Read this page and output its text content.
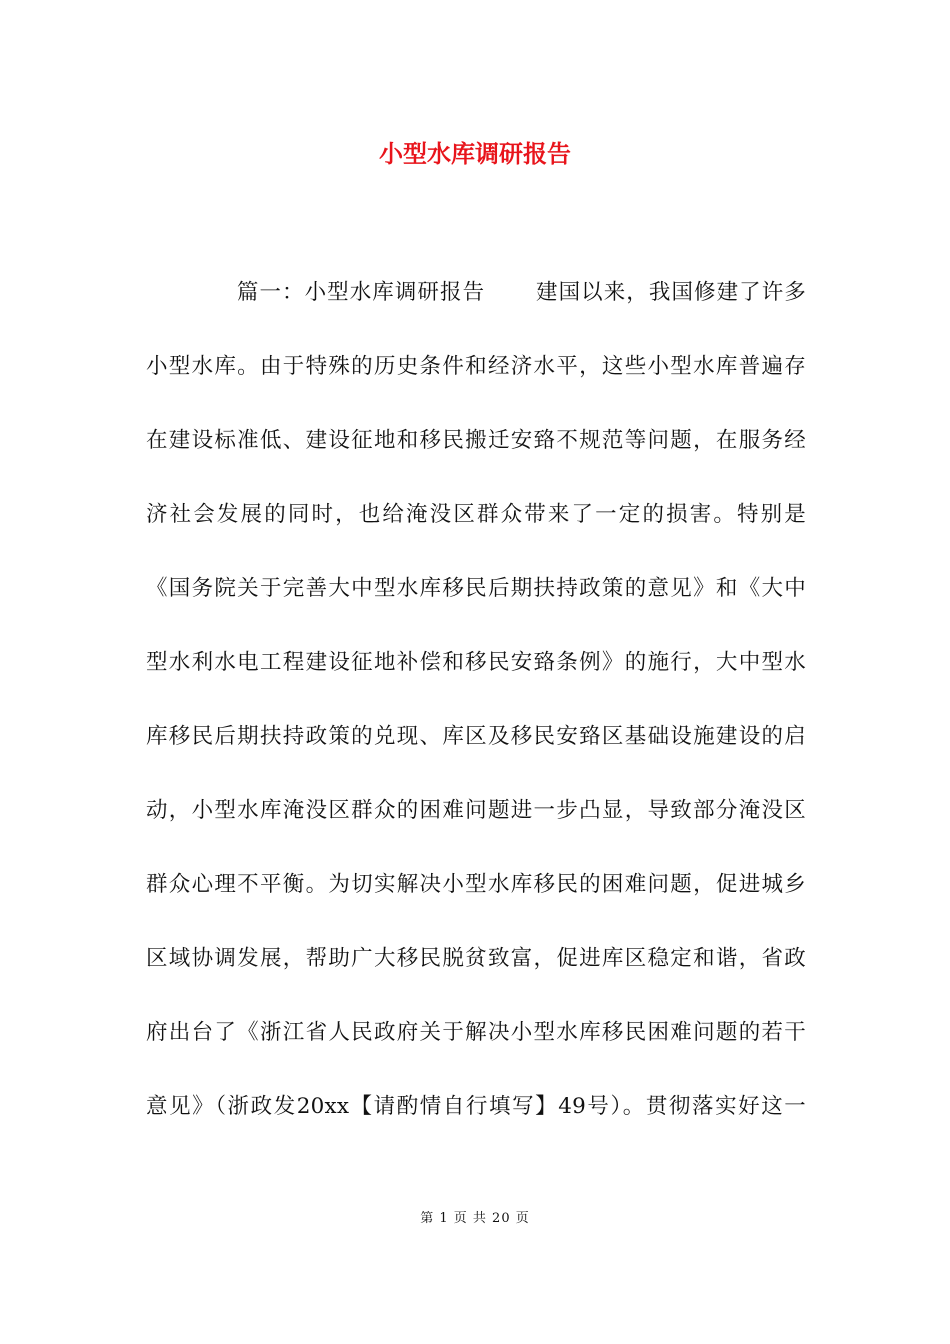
小型水库调研报告
篇一：小型水库调研报告 建国以来，我国修建了许多
小型水库。由于特殊的历史条件和经济水平，这些小型水库普遍存
在建设标准低、建设征地和移民搬迁安臵不规范等问题，在服务经
济社会发展的同时，也给淹没区群众带来了一定的损害。特别是
《国务院关于完善大中型水库移民后期扶持政策的意见》和《大中
型水利水电工程建设征地补偿和移民安臵条例》的施行，大中型水
库移民后期扶持政策的兑现、库区及移民安臵区基础设施建设的启
动，小型水库淹没区群众的困难问题进一步凸显，导致部分淹没区
群众心理不平衡。为切实解决小型水库移民的困难问题，促进城乡
区域协调发展，帮助广大移民脱贫致富，促进库区稳定和谐，省政
府出台了《浙江省人民政府关于解决小型水库移民困难问题的若干
意见》（浙政发20xx【请酌情自行填写】49号）。贯彻落实好这一
第 1 页 共 20 页
